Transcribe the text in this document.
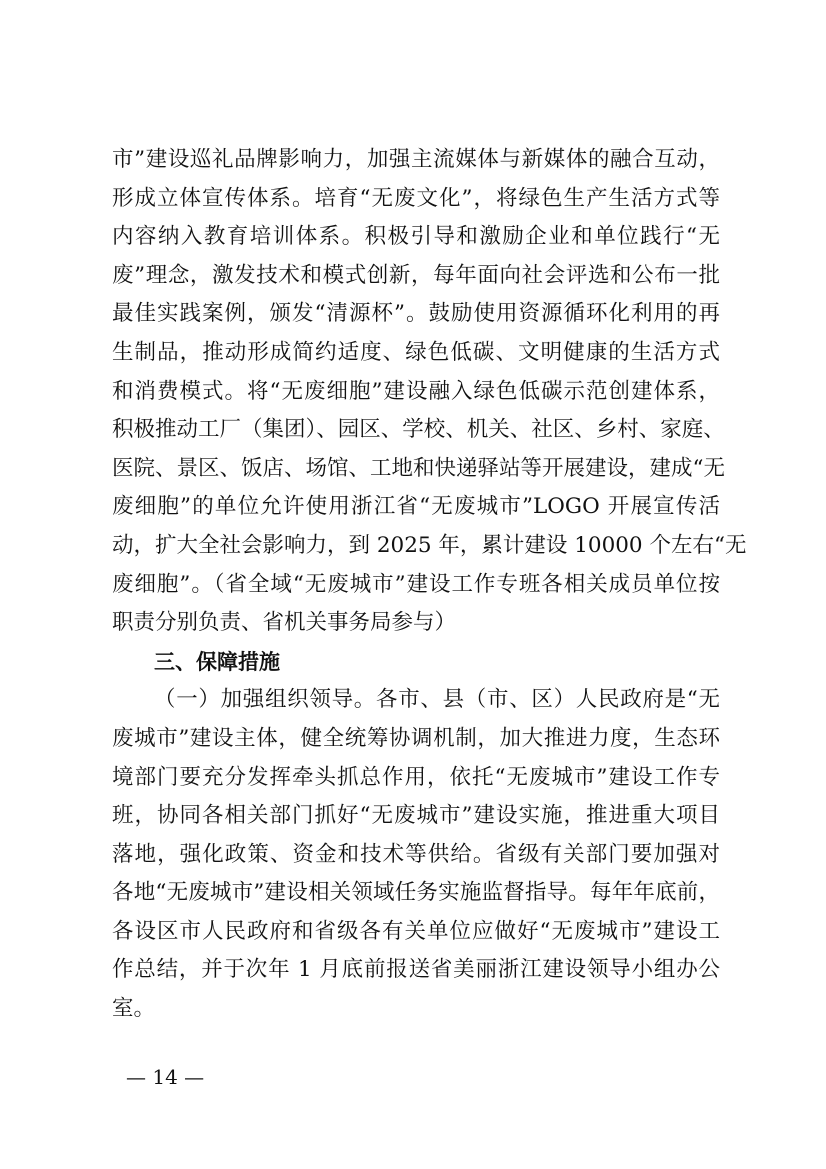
市”建设巡礼品牌影响力，加强主流媒体与新媒体的融合互动，
形成立体宣传体系。培育“无废文化”，将绿色生产生活方式等
内容纳入教育培训体系。积极引导和激励企业和单位践行“无
废”理念，激发技术和模式创新，每年面向社会评选和公布一批
最佳实践案例，颁发“清源杯”。鼓励使用资源循环化利用的再
生制品，推动形成简约适度、绿色低碳、文明健康的生活方式
和消费模式。将“无废细胞”建设融入绿色低碳示范创建体系，
积极推动工厂（集团）、园区、学校、机关、社区、乡村、家庭、
医院、景区、饭店、场馆、工地和快递驿站等开展建设，建成“无
废细胞”的单位允许使用浙江省“无废城市”LOGO 开展宣传活
动，扩大全社会影响力，到 2025 年，累计建设 10000 个左右“无
废细胞”。（省全域“无废城市”建设工作专班各相关成员单位按
职责分别负责、省机关事务局参与）
三、保障措施
（一）加强组织领导。各市、县（市、区）人民政府是“无
废城市”建设主体，健全统筹协调机制，加大推进力度，生态环
境部门要充分发挥牵头抓总作用，依托“无废城市”建设工作专
班，协同各相关部门抓好“无废城市”建设实施，推进重大项目
落地，强化政策、资金和技术等供给。省级有关部门要加强对
各地“无废城市”建设相关领域任务实施监督指导。每年年底前，
各设区市人民政府和省级各有关单位应做好“无废城市”建设工
作总结，并于次年 1 月底前报送省美丽浙江建设领导小组办公
室。
— 14 —
